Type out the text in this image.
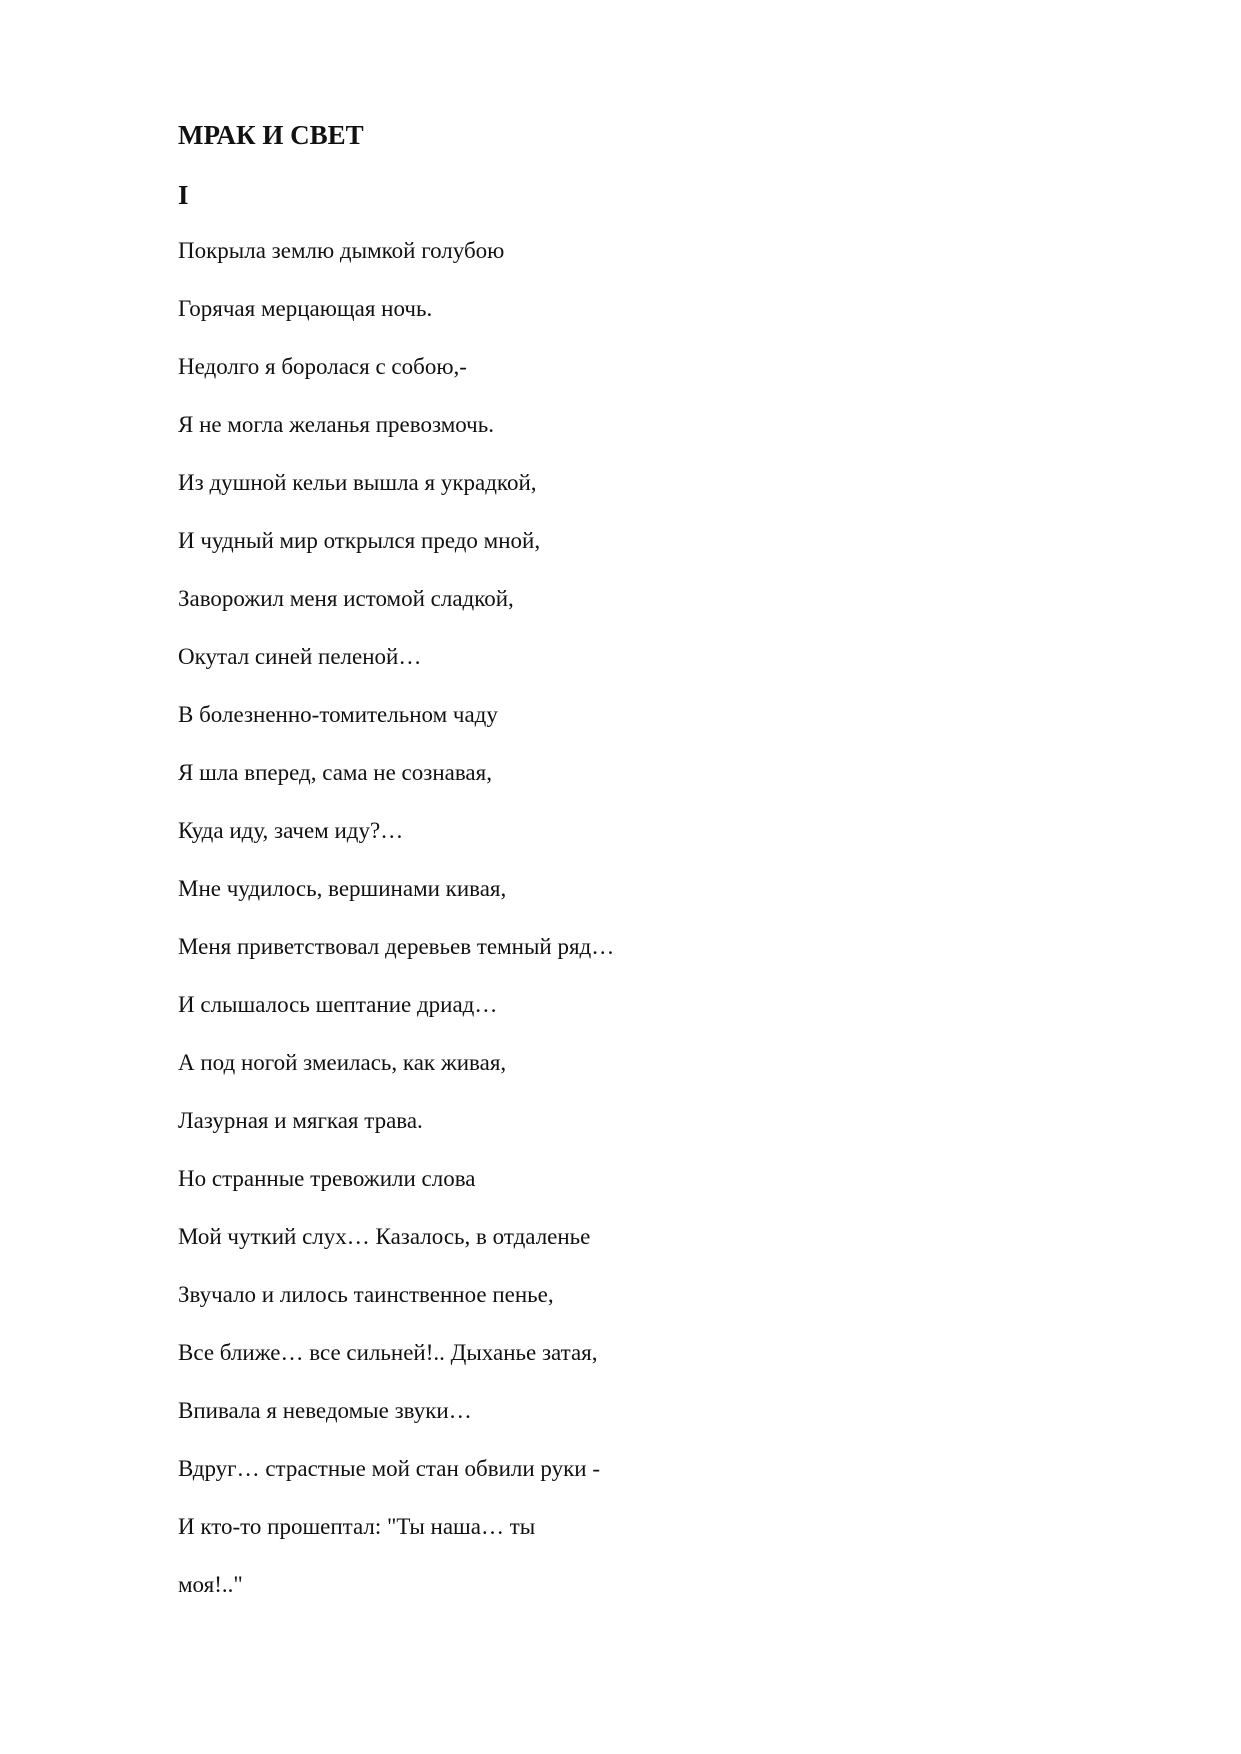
МРАК И СВЕТ
I
Покрыла землю дымкой голубою
Горячая мерцающая ночь.
Недолго я боролася с собою,-
Я не могла желанья превозмочь.
Из душной кельи вышла я украдкой,
И чудный мир открылся предо мной,
Заворожил меня истомой сладкой,
Окутал синей пеленой…
В болезненно-томительном чаду
Я шла вперед, сама не сознавая,
Куда иду, зачем иду?…
Мне чудилось, вершинами кивая,
Меня приветствовал деревьев темный ряд…
И слышалось шептание дриад…
А под ногой змеилась, как живая,
Лазурная и мягкая трава.
Но странные тревожили слова
Мой чуткий слух… Казалось, в отдаленье
Звучало и лилось таинственное пенье,
Все ближе… все сильней!.. Дыханье затая,
Впивала я неведомые звуки…
Вдруг… страстные мой стан обвили руки -
И кто-то прошептал: "Ты наша… ты
моя!.."
